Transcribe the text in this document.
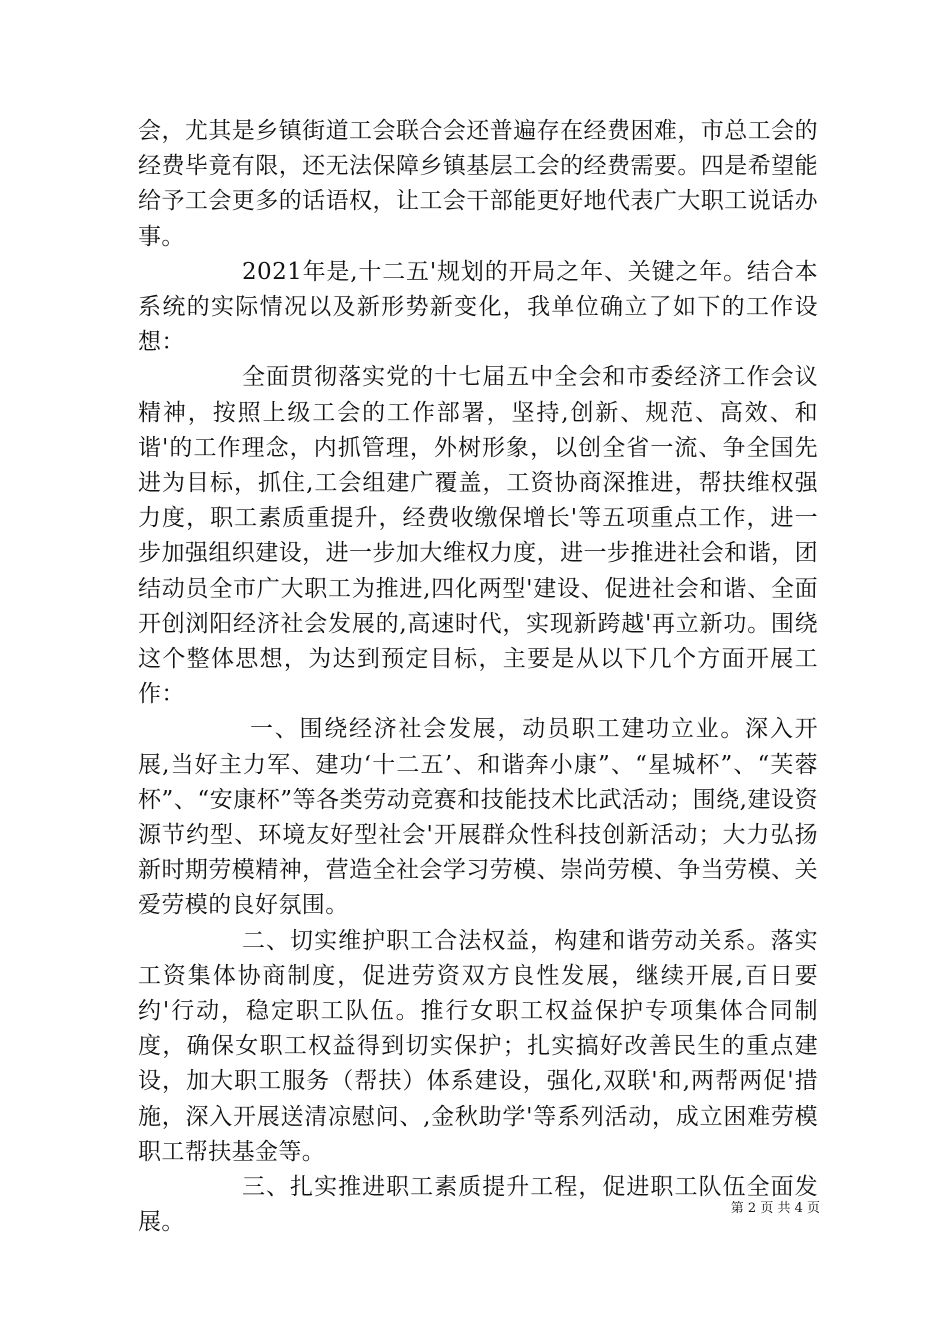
会，尤其是乡镇街道工会联合会还普遍存在经费困难，市总工会的经费毕竟有限，还无法保障乡镇基层工会的经费需要。四是希望能给予工会更多的话语权，让工会干部能更好地代表广大职工说话办事。

2021年是,十二五'规划的开局之年、关键之年。结合本系统的实际情况以及新形势新变化，我单位确立了如下的工作设想：

全面贯彻落实党的十七届五中全会和市委经济工作会议精神，按照上级工会的工作部署，坚持,创新、规范、高效、和谐'的工作理念，内抓管理，外树形象，以创全省一流、争全国先进为目标，抓住,工会组建广覆盖，工资协商深推进，帮扶维权强力度，职工素质重提升，经费收缴保增长'等五项重点工作，进一步加强组织建设，进一步加大维权力度，进一步推进社会和谐，团结动员全市广大职工为推进,四化两型'建设、促进社会和谐、全面开创浏阳经济社会发展的,高速时代，实现新跨越'再立新功。围绕这个整体思想，为达到预定目标，主要是从以下几个方面开展工作：

一、围绕经济社会发展，动员职工建功立业。深入开展,当好主力军、建功‘十二五’、和谐奔小康”、“星城杯”、“芙蓉杯”、“安康杯”等各类劳动竞赛和技能技术比武活动；围绕,建设资源节约型、环境友好型社会'开展群众性科技创新活动；大力弘扬新时期劳模精神，营造全社会学习劳模、崇尚劳模、争当劳模、关爱劳模的良好氛围。

二、切实维护职工合法权益，构建和谐劳动关系。落实工资集体协商制度，促进劳资双方良性发展，继续开展,百日要约'行动，稳定职工队伍。推行女职工权益保护专项集体合同制度，确保女职工权益得到切实保护；扎实搞好改善民生的重点建设，加大职工服务（帮扶）体系建设，强化,双联'和,两帮两促'措施，深入开展送清凉慰问、,金秋助学'等系列活动，成立困难劳模职工帮扶基金等。

三、扎实推进职工素质提升工程，促进职工队伍全面发展。

第 2 页 共 4 页
